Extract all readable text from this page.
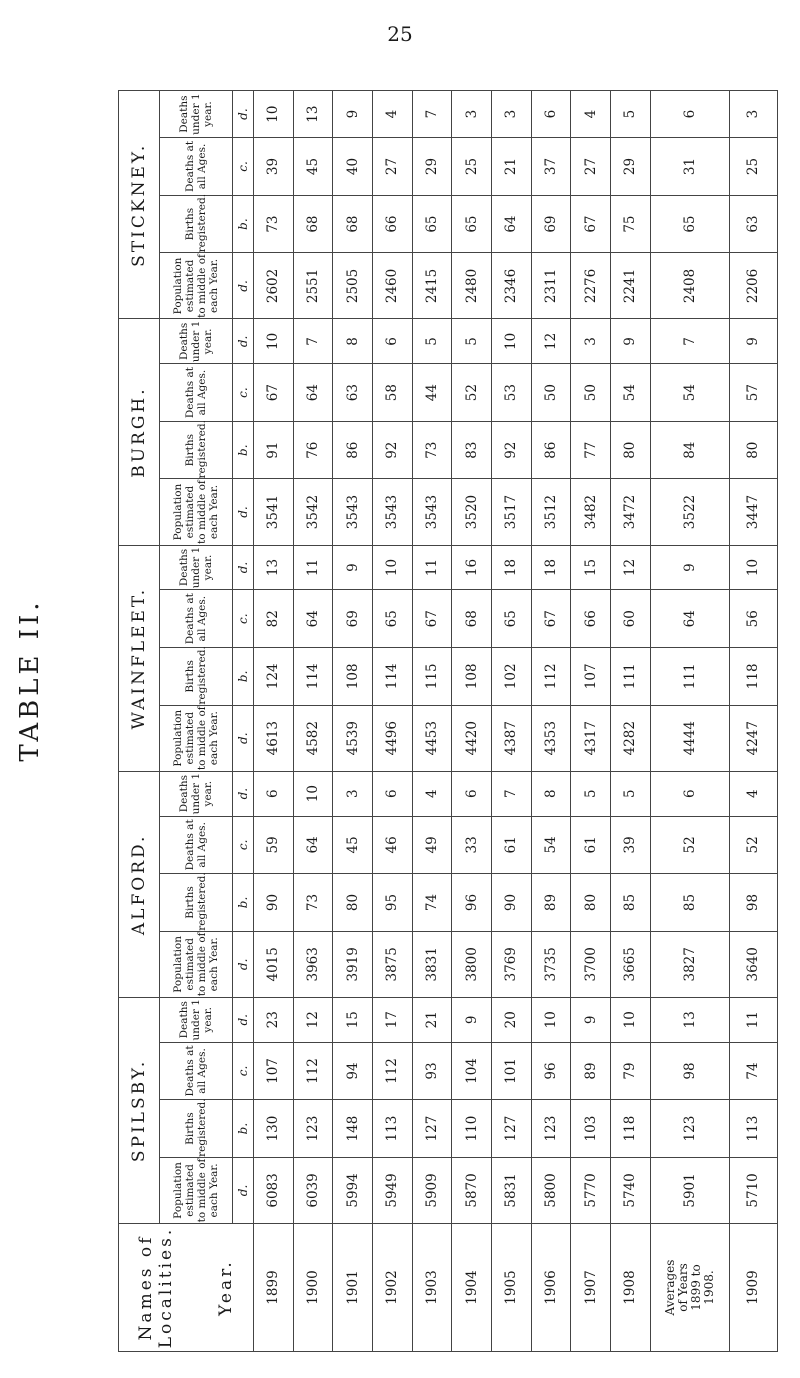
25
TABLE II.
Names of Localities. Year.	SPILSBY.				ALFORD.				WAINFLEET.				BURGH.				STICKNEY.			
	Population estimated to middle of each Year.	Births registered.	Deaths at all Ages.	Deaths under 1 year.	Population estimated to middle of each Year.	Births registered.	Deaths at all Ages.	Deaths under 1 year.	Population estimated to middle of each Year.	Births registered.	Deaths at all Ages.	Deaths under 1 year.	Population estimated to middle of each Year.	Births registered.	Deaths at all Ages.	Deaths under 1 year.	Population estimated to middle of each Year.	Births registered.	Deaths at all Ages.	Deaths under 1 year.
	d.	b.	c.	d.	d.	b.	c.	d.	d.	b.	c.	d.	d.	b.	c.	d.	d.	b.	c.	d.
1899	6083	130	107	23	4015	90	59	6	4613	124	82	13	3541	91	67	10	2602	73	39	10
1900	6039	123	112	12	3963	73	64	10	4582	114	64	11	3542	76	64	7	2551	68	45	13
1901	5994	148	94	15	3919	80	45	3	4539	108	69	9	3543	86	63	8	2505	68	40	9
1902	5949	113	112	17	3875	95	46	6	4496	114	65	10	3543	92	58	6	2460	66	27	4
1903	5909	127	93	21	3831	74	49	4	4453	115	67	11	3543	73	44	5	2415	65	29	7
1904	5870	110	104	9	3800	96	33	6	4420	108	68	16	3520	83	52	5	2480	65	25	3
1905	5831	127	101	20	3769	90	61	7	4387	102	65	18	3517	92	53	10	2346	64	21	3
1906	5800	123	96	10	3735	89	54	8	4353	112	67	18	3512	86	50	12	2311	69	37	6
1907	5770	103	89	9	3700	80	61	5	4317	107	66	15	3482	77	50	3	2276	67	27	4
1908	5740	118	79	10	3665	85	39	5	4282	111	60	12	3472	80	54	9	2241	75	29	5

Averages of Years 1899 to 1908.	5901	123	98	13	3827	85	52	6	4444	111	64	9	3522	84	54	7	2408	65	31	6
1909	5710	113	74	11	3640	98	52	4	4247	118	56	10	3447	80	57	9	2206	63	25	3
